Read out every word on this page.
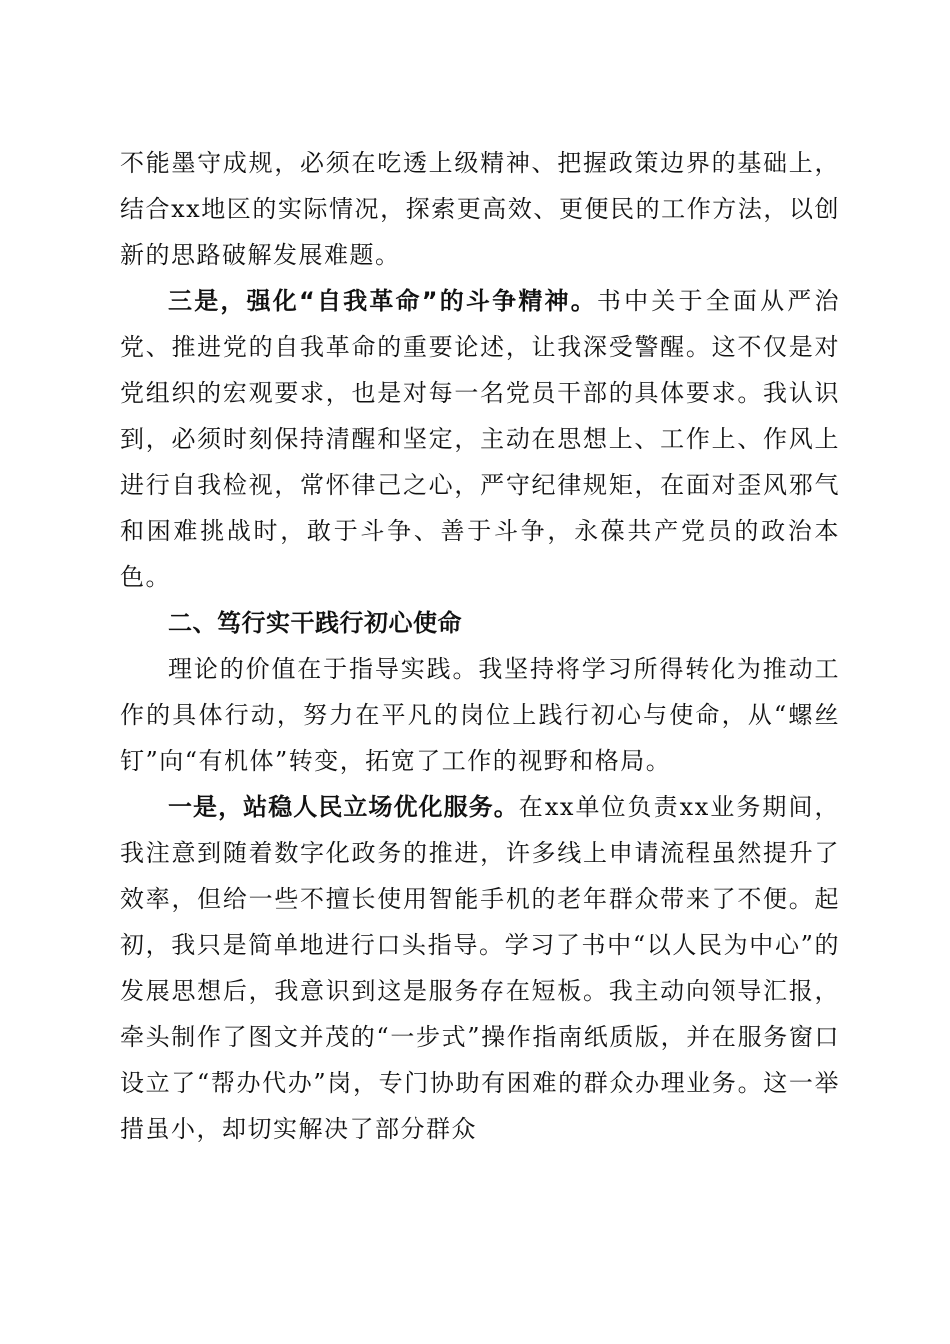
不能墨守成规，必须在吃透上级精神、把握政策边界的基础上，结合xx地区的实际情况，探索更高效、更便民的工作方法，以创新的思路破解发展难题。

三是，强化“自我革命”的斗争精神。书中关于全面从严治党、推进党的自我革命的重要论述，让我深受警醒。这不仅是对党组织的宏观要求，也是对每一名党员干部的具体要求。我认识到，必须时刻保持清醒和坚定，主动在思想上、工作上、作风上进行自我检视，常怀律己之心，严守纪律规矩，在面对歪风邪气和困难挑战时，敢于斗争、善于斗争，永葆共产党员的政治本色。

二、笃行实干践行初心使命

理论的价值在于指导实践。我坚持将学习所得转化为推动工作的具体行动，努力在平凡的岗位上践行初心与使命，从“螺丝钉”向“有机体”转变，拓宽了工作的视野和格局。

一是，站稳人民立场优化服务。在xx单位负责xx业务期间，我注意到随着数字化政务的推进，许多线上申请流程虽然提升了效率，但给一些不擅长使用智能手机的老年群众带来了不便。起初，我只是简单地进行口头指导。学习了书中“以人民为中心”的发展思想后，我意识到这是服务存在短板。我主动向领导汇报，牵头制作了图文并茂的“一步式”操作指南纸质版，并在服务窗口设立了“帮办代办”岗，专门协助有困难的群众办理业务。这一举措虽小，却切实解决了部分群众
